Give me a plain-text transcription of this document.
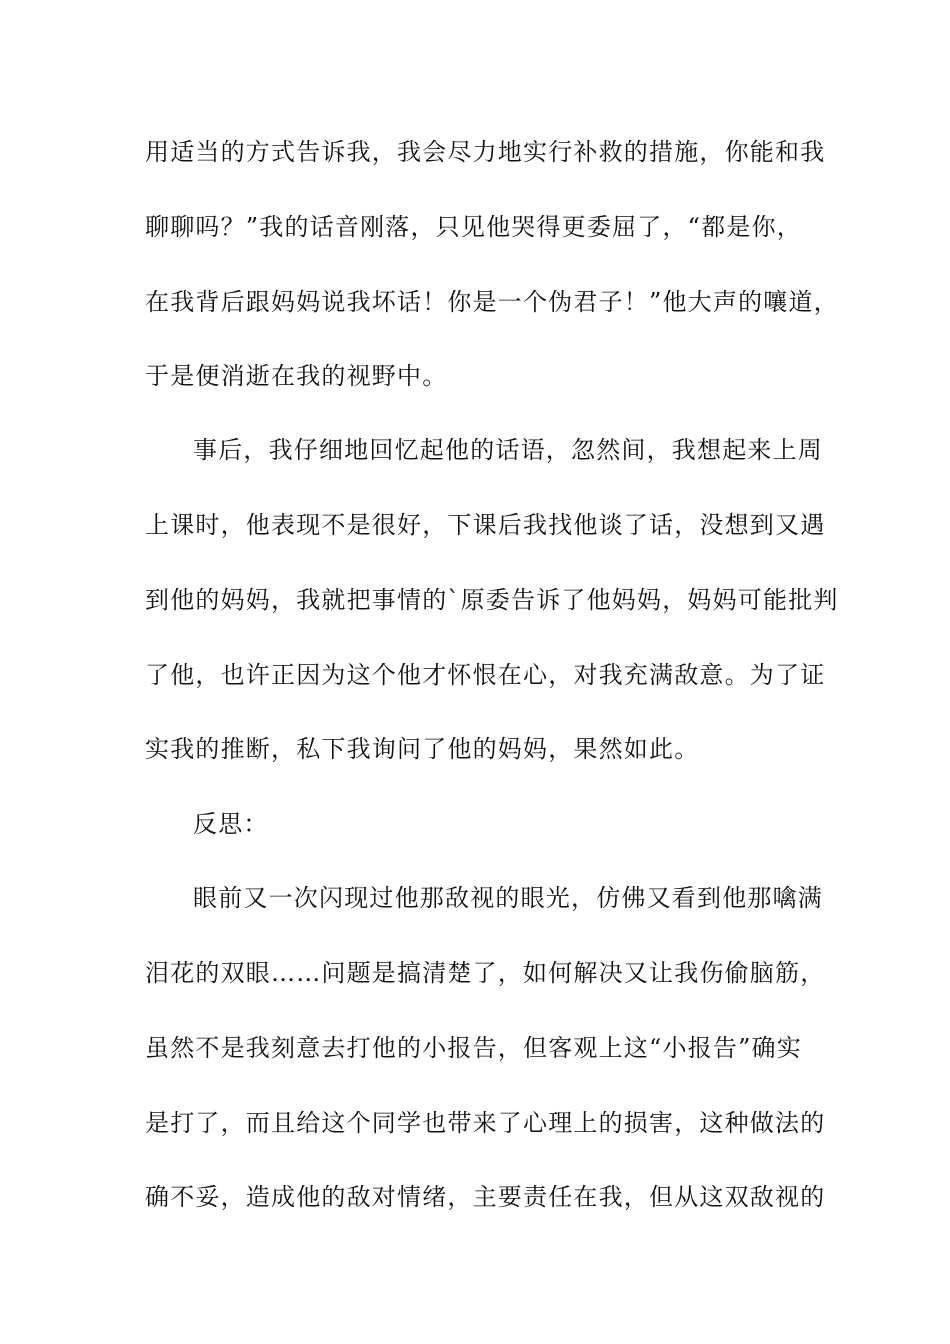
用适当的方式告诉我，我会尽力地实行补救的措施，你能和我
聊聊吗？”我的话音刚落，只见他哭得更委屈了，“都是你，
在我背后跟妈妈说我坏话！你是一个伪君子！”他大声的嚷道，
于是便消逝在我的视野中。
事后，我仔细地回忆起他的话语，忽然间，我想起来上周
上课时，他表现不是很好，下课后我找他谈了话，没想到又遇
到他的妈妈，我就把事情的`原委告诉了他妈妈，妈妈可能批判
了他，也许正因为这个他才怀恨在心，对我充满敌意。为了证
实我的推断，私下我询问了他的妈妈，果然如此。
反思：
眼前又一次闪现过他那敌视的眼光，仿佛又看到他那噙满
泪花的双眼……问题是搞清楚了，如何解决又让我伤偷脑筋，
虽然不是我刻意去打他的小报告，但客观上这“小报告”确实
是打了，而且给这个同学也带来了心理上的损害，这种做法的
确不妥，造成他的敌对情绪，主要责任在我，但从这双敌视的
